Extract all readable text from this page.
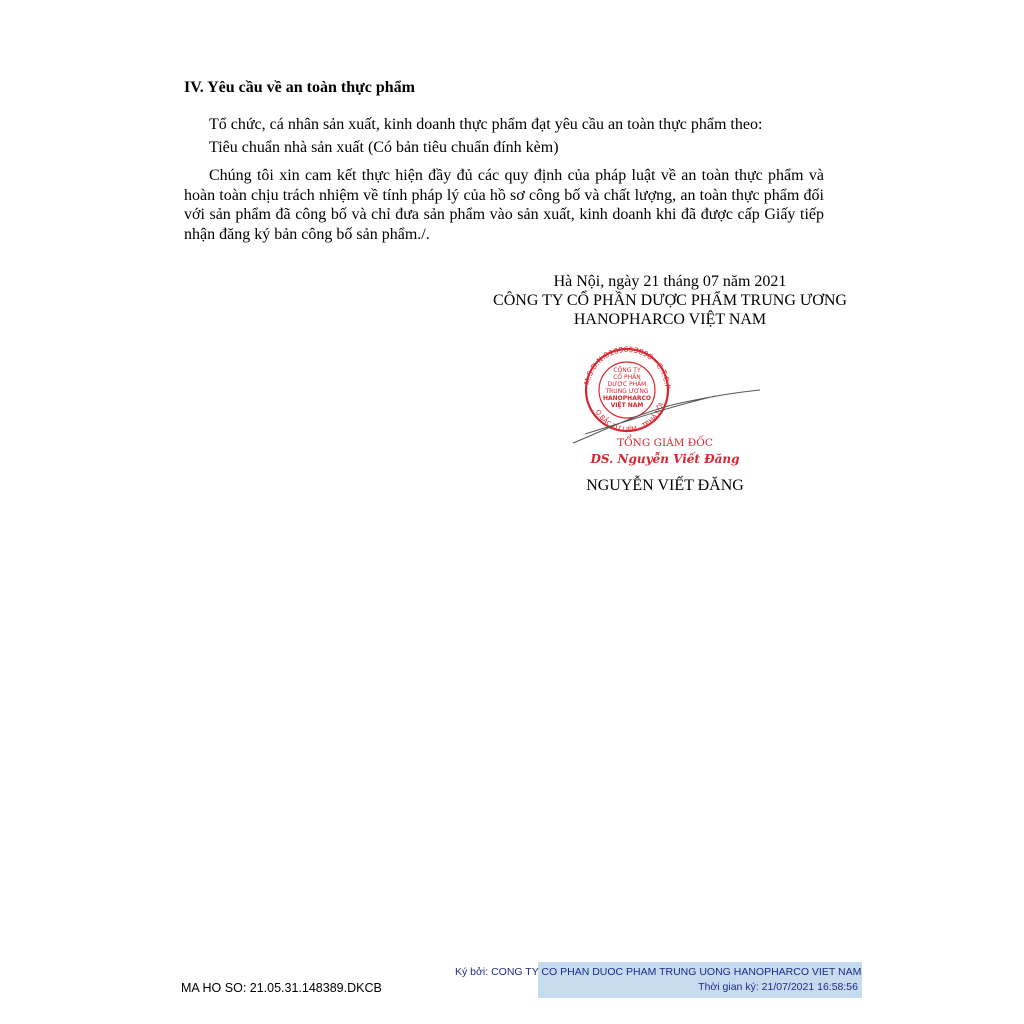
IV. Yêu cầu về an toàn thực phẩm
Tổ chức, cá nhân sản xuất, kinh doanh thực phẩm đạt yêu cầu an toàn thực phẩm theo:
Tiêu chuẩn nhà sản xuất (Có bản tiêu chuẩn đính kèm)
Chúng tôi xin cam kết thực hiện đầy đủ các quy định của pháp luật về an toàn thực phẩm và hoàn toàn chịu trách nhiệm về tính pháp lý của hồ sơ công bố và chất lượng, an toàn thực phẩm đối với sản phẩm đã công bố và chỉ đưa sản phẩm vào sản xuất, kinh doanh khi đã được cấp Giấy tiếp nhận đăng ký bản công bố sản phẩm./.
Hà Nội, ngày 21 tháng 07 năm 2021
CÔNG TY CỔ PHẦN DƯỢC PHẨM TRUNG ƯƠNG
HANOPHARCO VIỆT NAM
M.S.D.N:0109653898 - C.T.C.P
Q.BẮC TỪ LIÊM - TP.HÀ NỘI
CÔNG TY
CỔ PHẦN
DƯỢC PHẨM
TRUNG ƯƠNG
HANOPHARCO
VIỆT NAM
TỔNG GIÁM ĐỐC
DS. Nguyễn Viết Đăng
NGUYỄN VIẾT ĐĂNG
MA HO SO: 21.05.31.148389.DKCB
Ký bởi: CONG TY CO PHAN DUOC PHAM TRUNG UONG HANOPHARCO VIET NAM
Thời gian ký: 21/07/2021 16:58:56
